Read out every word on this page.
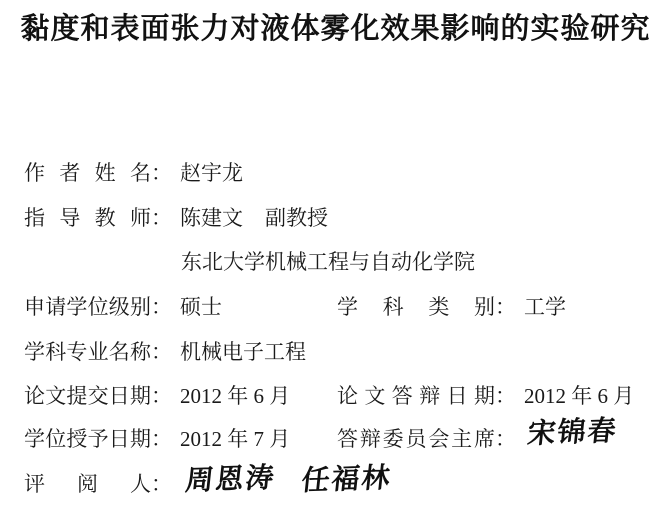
黏度和表面张力对液体雾化效果影响的实验研究
作者姓名： 赵宇龙
指导教师： 陈建文 副教授
东北大学机械工程与自动化学院
申请学位级别： 硕士	学科类别： 工学
学科专业名称： 机械电子工程
论文提交日期： 2012 年 6 月 论文答辩日期： 2012 年 6 月
学位授予日期： 2012 年 7 月 答辩委员会主席： 宋锦春
评阅人： 周恩涛 任福林
